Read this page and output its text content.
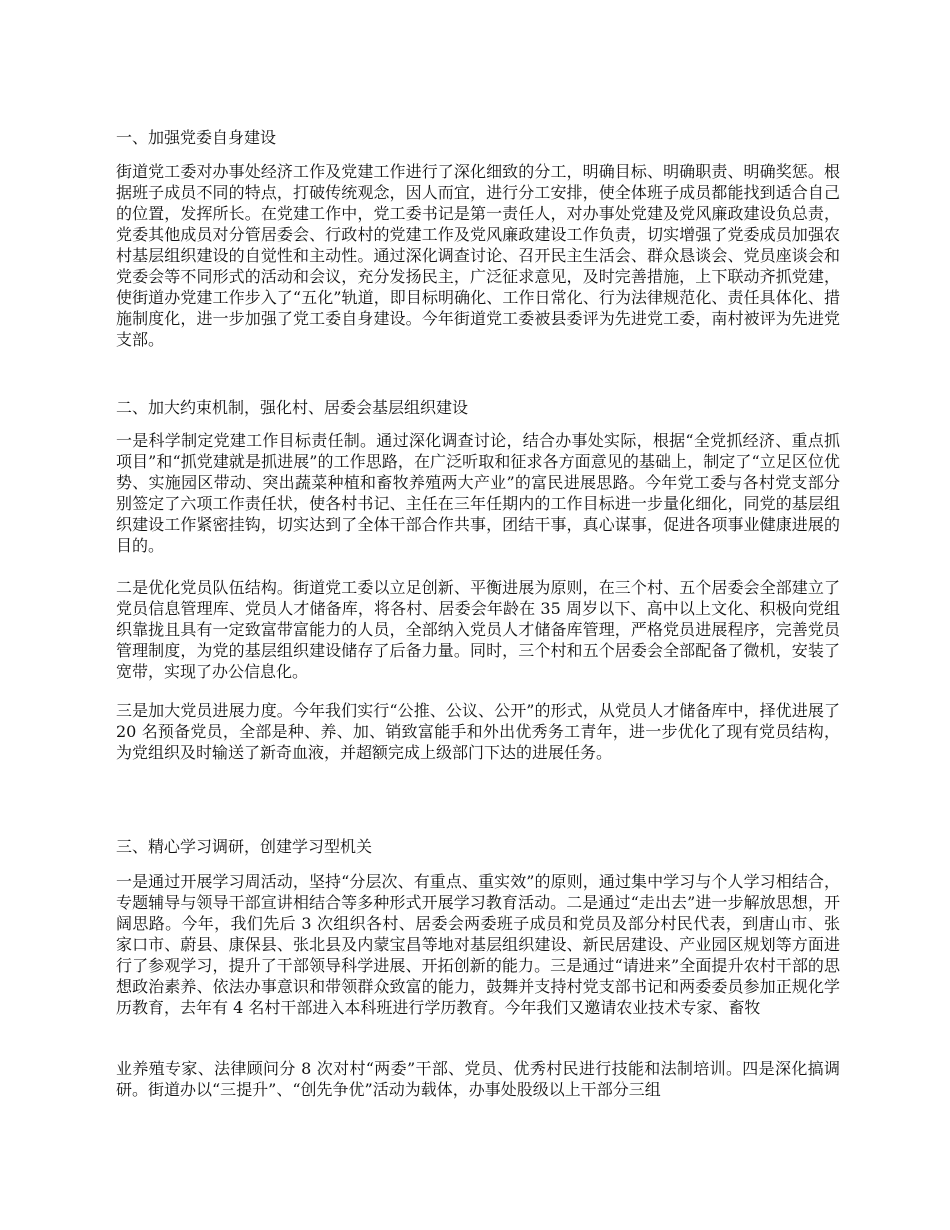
一、加强党委自身建设

街道党工委对办事处经济工作及党建工作进行了深化细致的分工，明确目标、明确职责、明确奖惩。根据班子成员不同的特点，打破传统观念，因人而宜，进行分工安排，使全体班子成员都能找到适合自己的位置，发挥所长。在党建工作中，党工委书记是第一责任人，对办事处党建及党风廉政建设负总责，党委其他成员对分管居委会、行政村的党建工作及党风廉政建设工作负责，切实增强了党委成员加强农村基层组织建设的自觉性和主动性。通过深化调查讨论、召开民主生活会、群众恳谈会、党员座谈会和党委会等不同形式的活动和会议，充分发扬民主，广泛征求意见，及时完善措施，上下联动齐抓党建，使街道办党建工作步入了“五化”轨道，即目标明确化、工作日常化、行为法律规范化、责任具体化、措施制度化，进一步加强了党工委自身建设。今年街道党工委被县委评为先进党工委，南村被评为先进党支部。

二、加大约束机制，强化村、居委会基层组织建设

一是科学制定党建工作目标责任制。通过深化调查讨论，结合办事处实际，根据“全党抓经济、重点抓项目”和“抓党建就是抓进展”的工作思路，在广泛听取和征求各方面意见的基础上，制定了“立足区位优势、实施园区带动、突出蔬菜种植和畜牧养殖两大产业”的富民进展思路。今年党工委与各村党支部分别签定了六项工作责任状，使各村书记、主任在三年任期内的工作目标进一步量化细化，同党的基层组织建设工作紧密挂钩，切实达到了全体干部合作共事，团结干事，真心谋事，促进各项事业健康进展的目的。

二是优化党员队伍结构。街道党工委以立足创新、平衡进展为原则，在三个村、五个居委会全部建立了党员信息管理库、党员人才储备库，将各村、居委会年龄在 35 周岁以下、高中以上文化、积极向党组织靠拢且具有一定致富带富能力的人员，全部纳入党员人才储备库管理，严格党员进展程序，完善党员管理制度，为党的基层组织建设储存了后备力量。同时，三个村和五个居委会全部配备了微机，安装了宽带，实现了办公信息化。

三是加大党员进展力度。今年我们实行“公推、公议、公开”的形式，从党员人才储备库中，择优进展了 20 名预备党员，全部是种、养、加、销致富能手和外出优秀务工青年，进一步优化了现有党员结构，为党组织及时输送了新奇血液，并超额完成上级部门下达的进展任务。

三、精心学习调研，创建学习型机关

一是通过开展学习周活动，坚持“分层次、有重点、重实效”的原则，通过集中学习与个人学习相结合，专题辅导与领导干部宣讲相结合等多种形式开展学习教育活动。二是通过“走出去”进一步解放思想，开阔思路。今年，我们先后 3 次组织各村、居委会两委班子成员和党员及部分村民代表，到唐山市、张家口市、蔚县、康保县、张北县及内蒙宝昌等地对基层组织建设、新民居建设、产业园区规划等方面进行了参观学习，提升了干部领导科学进展、开拓创新的能力。三是通过“请进来”全面提升农村干部的思想政治素养、依法办事意识和带领群众致富的能力，鼓舞并支持村党支部书记和两委委员参加正规化学历教育，去年有 4 名村干部进入本科班进行学历教育。今年我们又邀请农业技术专家、畜牧

业养殖专家、法律顾问分 8 次对村“两委”干部、党员、优秀村民进行技能和法制培训。四是深化搞调研。街道办以“三提升”、“创先争优”活动为载体，办事处股级以上干部分三组
